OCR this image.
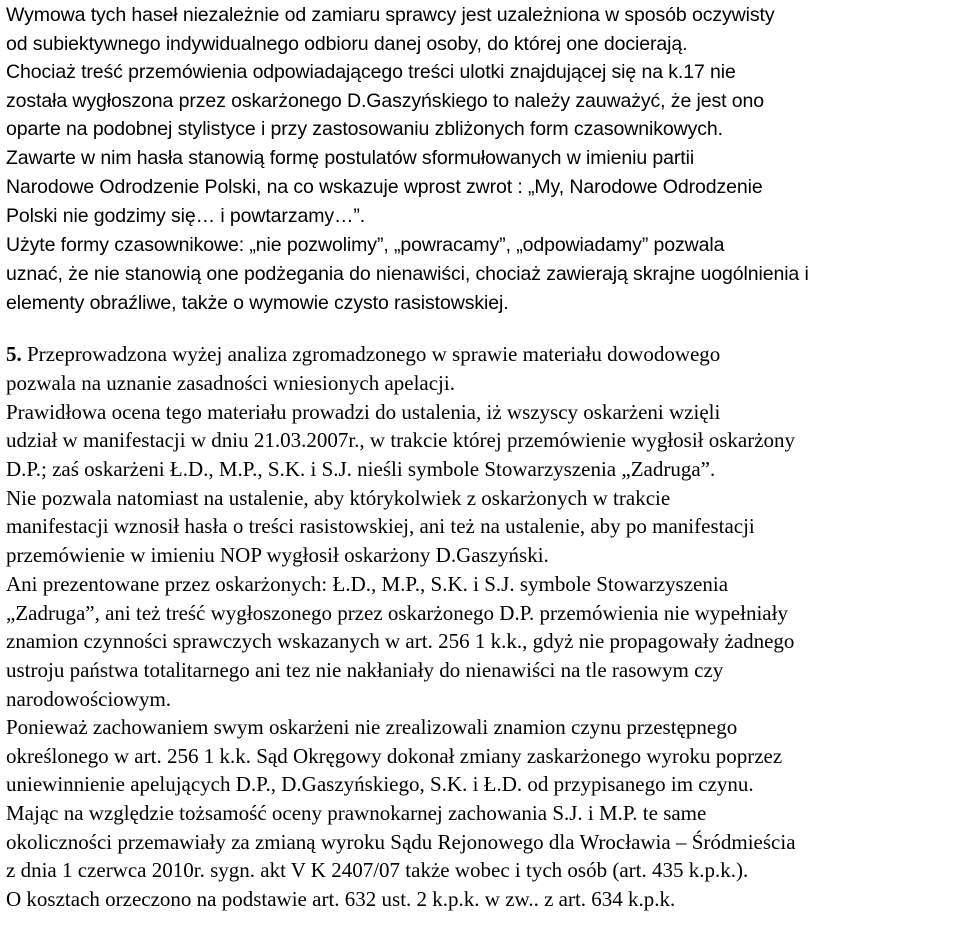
Wymowa tych haseł niezależnie od zamiaru sprawcy jest uzależniona w sposób oczywisty

od subiektywnego indywidualnego odbioru danej osoby, do której one docierają.

Chociaż treść przemówienia odpowiadającego treści ulotki znajdującej się na k.17 nie

została wygłoszona przez oskarżonego D.Gaszyńskiego to należy zauważyć, że jest ono

oparte na podobnej stylistyce i przy zastosowaniu zbliżonych form czasownikowych.

Zawarte w nim hasła stanowią formę postulatów sformułowanych w imieniu partii

Narodowe Odrodzenie Polski, na co wskazuje wprost zwrot : „My, Narodowe Odrodzenie

Polski nie godzimy się… i powtarzamy…”.

Użyte formy czasownikowe: „nie pozwolimy”, „powracamy”, „odpowiadamy” pozwala

uznać, że nie stanowią one podżegania do nienawiści, chociaż zawierają skrajne uogólnienia i

elementy obraźliwe, także o wymowie czysto rasistowskiej.

5. Przeprowadzona wyżej analiza zgromadzonego w sprawie materiału dowodowego

pozwala na uznanie zasadności wniesionych apelacji.

Prawidłowa ocena tego materiału prowadzi do ustalenia, iż wszyscy oskarżeni wzięli

udział w manifestacji w dniu 21.03.2007r., w trakcie której przemówienie wygłosił oskarżony

D.P.; zaś oskarżeni Ł.D., M.P., S.K. i S.J. nieśli symbole Stowarzyszenia „Zadruga”.

Nie pozwala natomiast na ustalenie, aby którykolwiek z oskarżonych w trakcie

manifestacji wznosił hasła o treści rasistowskiej, ani też na ustalenie, aby po manifestacji

przemówienie w imieniu NOP wygłosił oskarżony D.Gaszyński.

Ani prezentowane przez oskarżonych: Ł.D., M.P., S.K. i S.J. symbole Stowarzyszenia

„Zadruga”, ani też treść wygłoszonego przez oskarżonego D.P. przemówienia nie wypełniały

znamion czynności sprawczych wskazanych w art. 256 1 k.k., gdyż nie propagowały żadnego

ustroju państwa totalitarnego ani tez nie nakłaniały do nienawiści na tle rasowym czy

narodowościowym.

Ponieważ zachowaniem swym oskarżeni nie zrealizowali znamion czynu przestępnego

określonego w art. 256 1 k.k. Sąd Okręgowy dokonał zmiany zaskarżonego wyroku poprzez

uniewinnienie apelujących D.P., D.Gaszyńskiego, S.K. i Ł.D. od przypisanego im czynu.

Mając na względzie tożsamość oceny prawnokarnej zachowania S.J. i M.P. te same

okoliczności przemawiały za zmianą wyroku Sądu Rejonowego dla Wrocławia – Śródmieścia

z dnia 1 czerwca 2010r. sygn. akt V K 2407/07 także wobec i tych osób (art. 435 k.p.k.).

O kosztach orzeczono na podstawie art. 632 ust. 2 k.p.k. w zw.. z art. 634 k.p.k.
